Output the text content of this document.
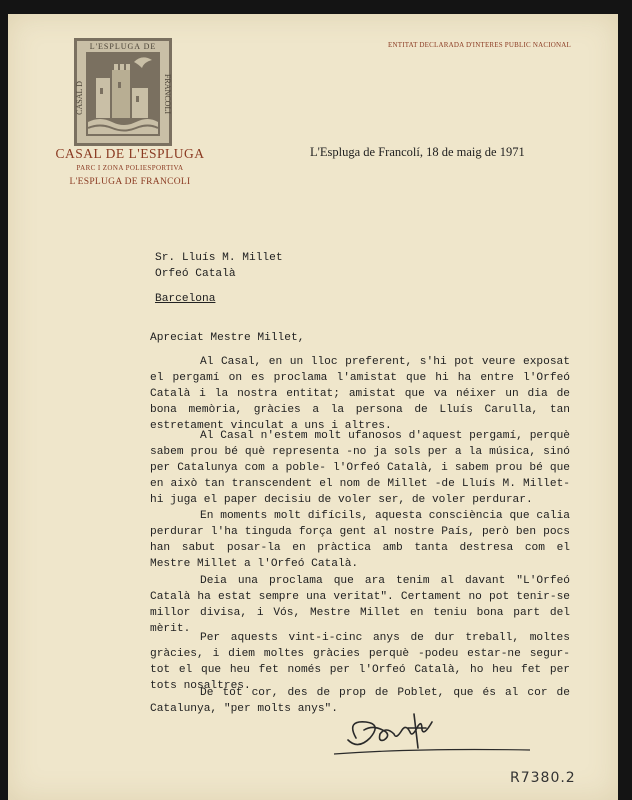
L'ESPLUGA DE
CASAL D	FRANCOLI
CASAL DE L'ESPLUGA
PARC I ZONA POLIESPORTIVA
L'ESPLUGA DE FRANCOLI
ENTITAT DECLARADA D'INTERES PUBLIC NACIONAL
L'Espluga de Francolí, 18 de maig de 1971
Sr. Lluís M. Millet
Orfeó Català
Barcelona
Apreciat Mestre Millet,
Al Casal, en un lloc preferent, s'hi pot veure exposat el pergamí on es proclama l'amistat que hi ha entre l'Orfeó Català i la nostra entitat; amistat que va néixer un dia de bona memòria, gràcies a la persona de Lluís Carulla, tan estretament vinculat a uns i altres.
Al Casal n'estem molt ufanosos d'aquest pergamí, perquè sabem prou bé què representa -no ja sols per a la música, sinó per Catalunya com a poble- l'Orfeó Català, i sabem prou bé que en això tan transcendent el nom de Millet -de Lluís M. Millet- hi juga el paper decisiu de voler ser, de voler perdurar.
En moments molt difícils, aquesta consciència que calia perdurar l'ha tinguda força gent al nostre País, però ben pocs han sabut posar-la en pràctica amb tanta destresa com el Mestre Millet a l'Orfeó Català.
Deia una proclama que ara tenim al davant "L'Orfeó Català ha estat sempre una veritat". Certament no pot tenir-se millor divisa, i Vós, Mestre Millet en teniu bona part del mèrit.
Per aquests vint-i-cinc anys de dur treball, moltes gràcies, i diem moltes gràcies perquè -podeu estar-ne segur- tot el que heu fet només per l'Orfeó Català, ho heu fet per tots nosaltres.
De tot cor, des de prop de Poblet, que és al cor de Catalunya, "per molts anys".
R7380.2
